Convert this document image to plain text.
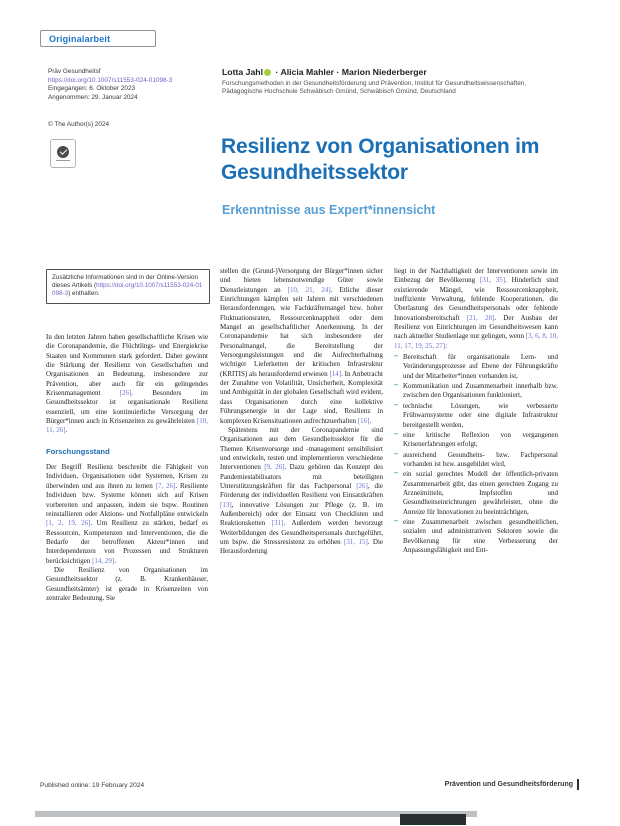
Originalarbeit
Präv Gesundheitsf
https://doi.org/10.1007/s11553-024-01098-3
Eingegangen: 6. Oktober 2023
Angenommen: 29. Januar 2024
© The Author(s) 2024
Lotta Jahl · Alicia Mahler · Marion Niederberger
Forschungsmethoden in der Gesundheitsförderung und Prävention, Institut für Gesundheitswissenschaften, Pädagogische Hochschule Schwäbisch Gmünd, Schwäbisch Gmünd, Deutschland
Resilienz von Organisationen im Gesundheitssektor
Erkenntnisse aus Expert*innensicht
Zusätzliche Informationen sind in der Online-Version dieses Artikels (https://doi.org/10.1007/s11553-024-01098-3) enthalten.

In den letzten Jahren haben gesellschaftliche Krisen wie die Coronapandemie, die Flüchtlings- und Energiekrise Staaten und Kommunen stark gefordert. Daher gewinnt die Stärkung der Resilienz von Gesellschaften und Organisationen an Bedeutung, insbesondere zur Prävention, aber auch für ein gelingendes Krisenmanagement [26]. Besonders im Gesundheitssektor ist organisationale Resilienz essenziell, um eine kontinuierliche Versorgung der Bürger*innen auch in Krisenzeiten zu gewährleisten [10, 11, 26].

Forschungsstand

Der Begriff Resilienz beschreibt die Fähigkeit von Individuen, Organisationen oder Systemen, Krisen zu überwinden und aus ihnen zu lernen [7, 26]. Resiliente Individuen bzw. Systeme können sich auf Krisen vorbereiten und anpassen, indem sie bspw. Routinen reinstallieren oder Aktions- und Notfallpläne entwickeln [1, 2, 19, 26]. Um Resilienz zu stärken, bedarf es Ressourcen, Kompetenzen und Interventionen, die die Bedarfe der betroffenen Akteur*innen und Interdependenzen von Prozessen und Strukturen berücksichtigen [14, 29].

Die Resilienz von Organisationen im Gesundheitssektor (z. B. Krankenhäuser, Gesundheitsämter) ist gerade in Krisenzeiten von zentraler Bedeutung. Sie

stellen die (Grund-)Versorgung der Bürger*innen sicher und bieten lebensnotwendige Güter sowie Dienstleistungen an [10, 21, 24]. Etliche dieser Einrichtungen kämpfen seit Jahren mit verschiedenen Herausforderungen, wie Fachkräftemangel bzw. hoher Fluktuationsraten, Ressourcenknappheit oder dem Mangel an gesellschaftlicher Anerkennung. In der Coronapandemie hat sich insbesondere der Personalmangel, die Bereitstellung der Versorgungsleistungen und die Aufrechterhaltung wichtiger Lieferketten der kritischen Infrastruktur (KRITIS) als herausfordernd erwiesen [14]. In Anbetracht der Zunahme von Volatilität, Unsicherheit, Komplexität und Ambiguität in der globalen Gesellschaft wird evident, dass Organisationen durch eine kollektive Führungsenergie in der Lage sind, Resilienz in komplexen Krisensituationen aufrechtzuerhalten [16].

Spätestens mit der Coronapandemie sind Organisationen aus dem Gesundheitssektor für die Themen Krisenvorsorge und -management sensibilisiert und entwickeln, testen und implementieren verschiedene Interventionen [9, 26]. Dazu gehören das Konzept des Pandemiestabilisators mit beteiligten Unterstützungskräften für das Fachpersonal [26], die Förderung der individuellen Resilienz von Einsatzkräften [13], innovative Lösungen zur Pflege (z. B. im Außenbereich) oder der Einsatz von Checklisten und Reaktionsketten [31]. Außerdem werden bevorzugt Weiterbildungen des Gesundheitspersonals durchgeführt, um bspw. die Stressresistenz zu erhöhen [31, 15]. Die Herausforderung

liegt in der Nachhaltigkeit der Interventionen sowie im Einbezug der Bevölkerung [31, 35]. Hinderlich sind existierende Mängel, wie Ressourcenknappheit, ineffiziente Verwaltung, fehlende Kooperationen, die Überlastung des Gesundheitspersonals oder fehlende Innovationsbereitschaft [21, 28]. Der Ausbau der Resilienz von Einrichtungen im Gesundheitswesen kann nach aktueller Studienlage nur gelingen, wenn [3, 6, 8, 10, 11, 17, 19, 25, 27]:

– Bereitschaft für organisationale Lern- und Veränderungsprozesse auf Ebene der Führungskräfte und der Mitarbeiter*innen vorhanden ist,
– Kommunikation und Zusammenarbeit innerhalb bzw. zwischen den Organisationen funktioniert,
– technische Lösungen, wie verbesserte Frühwarnsysteme oder eine digitale Infrastruktur bereitgestellt werden,
– eine kritische Reflexion von vergangenen Krisenerfahrungen erfolgt,
– ausreichend Gesundheits- bzw. Fachpersonal vorhanden ist bzw. ausgebildet wird,
– ein sozial gerechtes Modell der öffentlich-privaten Zusammenarbeit gibt, das einen gerechten Zugang zu Arzneimitteln, Impfstoffen und Gesundheitseinrichtungen gewährleistet, ohne die Anreize für Innovationen zu beeinträchtigen,
– eine Zusammenarbeit zwischen gesundheitlichen, sozialen und administrativen Sektoren sowie die Bevölkerung für eine Verbesserung der Anpassungsfähigkeit und Ent-
Published online: 19 February 2024	Prävention und Gesundheitsförderung
